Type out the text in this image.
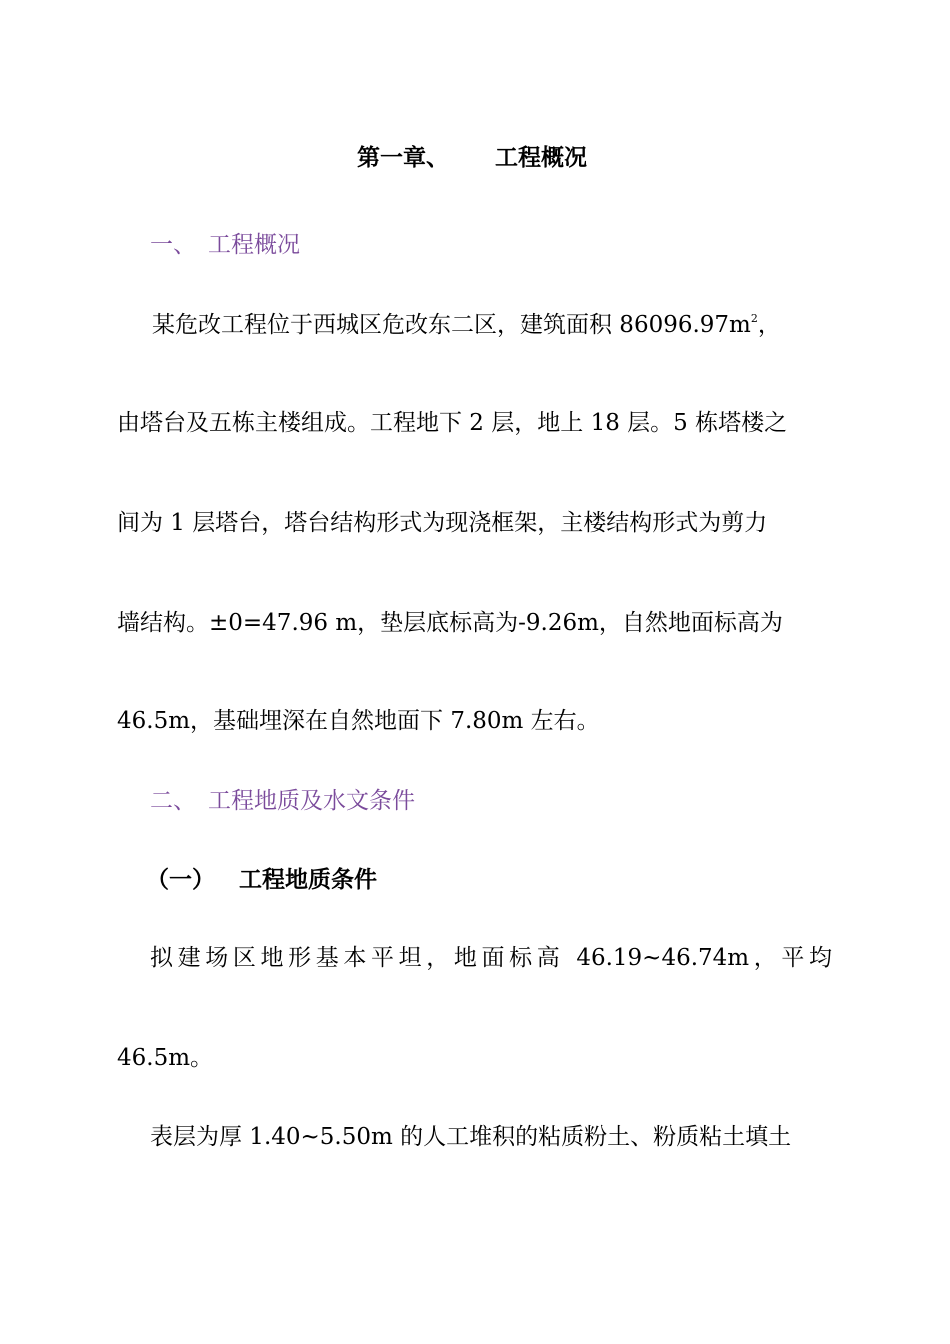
第一章、 工程概况
一、 工程概况
某危改工程位于西城区危改东二区，建筑面积 $86096.97m^2$，
由塔台及五栋主楼组成。工程地下 2 层，地上 18 层。5 栋塔楼之
间为 1 层塔台，塔台结构形式为现浇框架，主楼结构形式为剪力
墙结构。±0=47.96 m，垫层底标高为-9.26m，自然地面标高为
46.5m，基础埋深在自然地面下 7.80m 左右。
二、 工程地质及水文条件
（一） 工程地质条件
拟建场区地形基本平坦，地面标高 46.19~46.74m，平均
46.5m。
表层为厚 1.40~5.50m 的人工堆积的粘质粉土、粉质粘土填土
